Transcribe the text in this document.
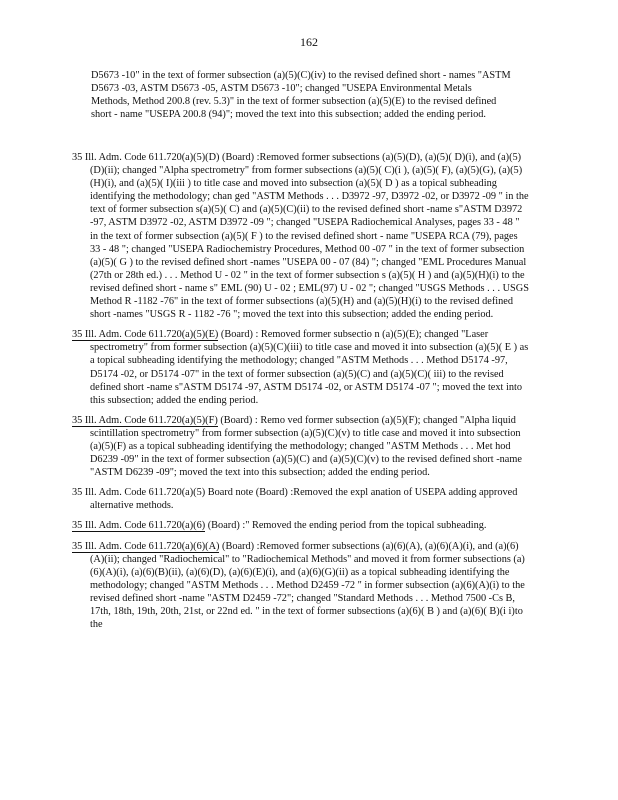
162
D5673 -10" in the text of former subsection (a)(5)(C)(iv) to the revised defined short - names "ASTM D5673 -03, ASTM D5673 -05, ASTM D5673 -10"; changed "USEPA Environmental Metals Methods, Method 200.8 (rev. 5.3)" in the text of former subsection (a)(5)(E) to the revised defined short - name "USEPA 200.8 (94)"; moved the text into this subsection; added the ending period.
35 Ill. Adm. Code 611.720(a)(5)(D) (Board) :Removed former subsections (a)(5)(D), (a)(5)( D)(i), and (a)(5)(D)(ii); changed "Alpha spectrometry" from former subsections (a)(5)( C)(i ), (a)(5)( F), (a)(5)(G), (a)(5)(H)(i), and (a)(5)( I)(iii ) to title case and moved into subsection (a)(5)( D ) as a topical subheading identifying the methodology; chan ged "ASTM Methods . . . D3972 -97, D3972 -02, or D3972 -09 " in the text of former subsection s(a)(5)( C) and (a)(5)(C)(ii) to the revised defined short -name s"ASTM D3972 -97, ASTM D3972 -02, ASTM D3972 -09 "; changed "USEPA Radiochemical Analyses, pages 33 - 48 " in the text of former subsection (a)(5)( F ) to the revised defined short - name "USEPA RCA (79), pages 33 - 48 "; changed "USEPA Radiochemistry Procedures, Method 00 -07 " in the text of former subsection (a)(5)( G ) to the revised defined short -names "USEPA 00 - 07 (84) "; changed "EML Procedures Manual (27th or 28th ed.) . . . Method U - 02 " in the text of former subsection s (a)(5)( H ) and (a)(5)(H)(i) to the revised defined short - name s" EML (90) U - 02 ; EML(97) U - 02 "; changed "USGS Methods . . . USGS Method R -1182 -76" in the text of former subsections (a)(5)(H) and (a)(5)(H)(i) to the revised defined short -names "USGS R - 1182 -76 "; moved the text into this subsection; added the ending period.
35 Ill. Adm. Code 611.720(a)(5)(E) (Board) : Removed former subsectio n (a)(5)(E); changed "Laser spectrometry" from former subsection (a)(5)(C)(iii) to title case and moved it into subsection (a)(5)( E ) as a topical subheading identifying the methodology; changed "ASTM Methods . . . Method D5174 -97, D5174 -02, or D5174 -07" in the text of former subsection (a)(5)(C) and (a)(5)(C)( iii) to the revised defined short -name s"ASTM D5174 -97, ASTM D5174 -02, or ASTM D5174 -07 "; moved the text into this subsection; added the ending period.
35 Ill. Adm. Code 611.720(a)(5)(F) (Board) : Remo ved former subsection (a)(5)(F); changed "Alpha liquid scintillation spectrometry" from former subsection (a)(5)(C)(v) to title case and moved it into subsection (a)(5)(F) as a topical subheading identifying the methodology; changed "ASTM Methods . . . Met hod D6239 -09" in the text of former subsection (a)(5)(C) and (a)(5)(C)(v) to the revised defined short -name "ASTM D6239 -09"; moved the text into this subsection; added the ending period.
35 Ill. Adm. Code 611.720(a)(5) Board note (Board) :Removed the expl anation of USEPA adding approved alternative methods.
35 Ill. Adm. Code 611.720(a)(6) (Board) :" Removed the ending period from the topical subheading.
35 Ill. Adm. Code 611.720(a)(6)(A) (Board) :Removed former subsections (a)(6)(A), (a)(6)(A)(i), and (a)(6)(A)(ii); changed "Radiochemical" to "Radiochemical Methods" and moved it from former subsections (a)(6)(A)(i), (a)(6)(B)(ii), (a)(6)(D), (a)(6)(E)(i), and (a)(6)(G)(ii) as a topical subheading identifying the methodology; changed "ASTM Methods . . . Method D2459 -72 " in former subsection (a)(6)(A)(i) to the revised defined short -name "ASTM D2459 -72"; changed "Standard Methods . . . Method 7500 -Cs B, 17th, 18th, 19th, 20th, 21st, or 22nd ed. " in the text of former subsections (a)(6)( B ) and (a)(6)( B)(i i)to the
